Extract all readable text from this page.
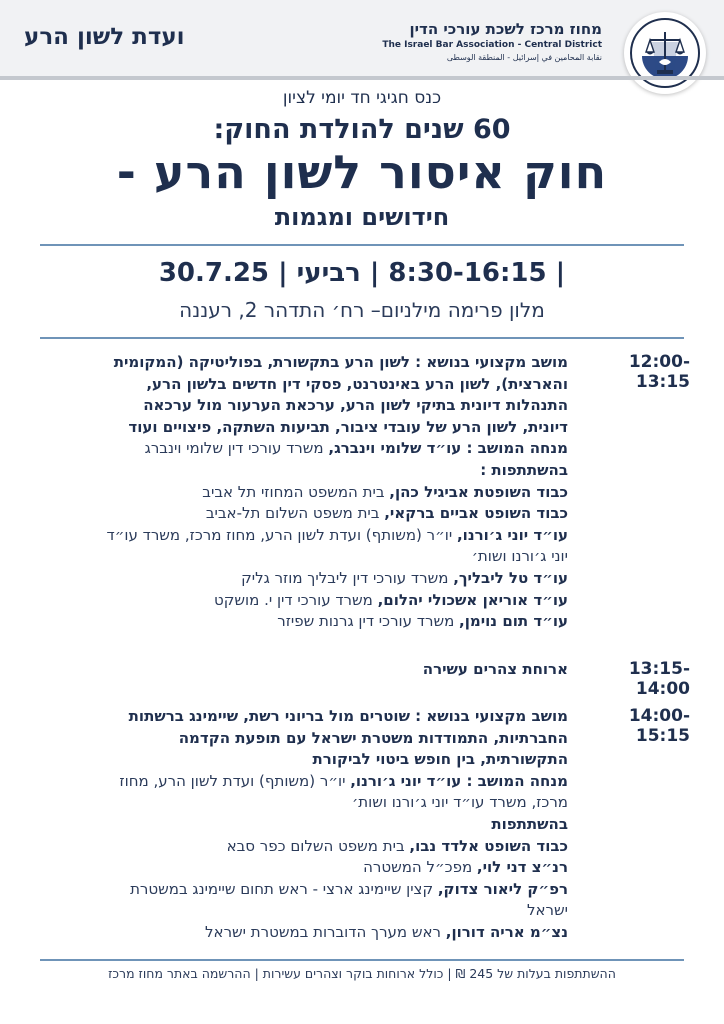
ועדת לשון הרע	מחוז מרכז לשכת עורכי הדין
The Israel Bar Association - Central District
نقابة المحامين في إسرائيل - المنطقة الوسطى
כנס חגיגי חד יומי לציון
60 שנים להולדת החוק:
חוק איסור לשון הרע -
חידושים ומגמות
| 8:30-16:15 | רביעי | 30.7.25
מלון פרימה מילניום– רח׳ התדהר 2, רעננה
12:00-13:15
מושב מקצועי בנושא : לשון הרע בתקשורת, בפוליטיקה (המקומית
והארצית), לשון הרע באינטרנט, פסקי דין חדשים בלשון הרע,
התנהלות דיונית בתיקי לשון הרע, ערכאת הערעור מול ערכאה
דיונית, לשון הרע של עובדי ציבור, תביעות השתקה, פיצויים ועוד
מנחה המושב : עו״ד שלומי וינברג, משרד עורכי דין שלומי וינברג
בהשתתפות :
כבוד השופטת אביגיל כהן, בית המשפט המחוזי תל אביב
כבוד השופט אביים ברקאי, בית משפט השלום תל-אביב
עו״ד יוני ג׳ורנו, יו״ר (משותף) ועדת לשון הרע, מחוז מרכז, משרד עו״ד
יוני ג׳ורנו ושות׳
עו״ד טל ליבליך, משרד עורכי דין ליבליך מוזר גליק
עו״ד אוריאן אשכולי יהלום, משרד עורכי דין י. מושקט
עו״ד תום נוימן, משרד עורכי דין גרנות שפיזר
13:15-14:00
ארוחת צהרים עשירה
14:00-15:15
מושב מקצועי בנושא : שוטרים מול בריוני רשת, שיימינג ברשתות
החברתיות, התמודדות משטרת ישראל עם תופעת הקדמה
התקשורתית, בין חופש ביטוי לביקורת
מנחה המושב : עו״ד יוני ג׳ורנו, יו״ר (משותף) ועדת לשון הרע, מחוז
מרכז, משרד עו״ד יוני ג׳ורנו ושות׳
בהשתתפות
כבוד השופט אלדד נבו, בית משפט השלום כפר סבא
רנ״צ דני לוי, מפכ״ל המשטרה
רפ״ק ליאור צדוק, קצין שיימינג ארצי - ראש תחום שיימינג במשטרת
ישראל
נצ״מ אריה דורון, ראש מערך הדוברות במשטרת ישראל
ההשתתפות בעלות של 245 ₪ | כולל ארוחות בוקר וצהרים עשירות | ההרשמה באתר מחוז מרכז
